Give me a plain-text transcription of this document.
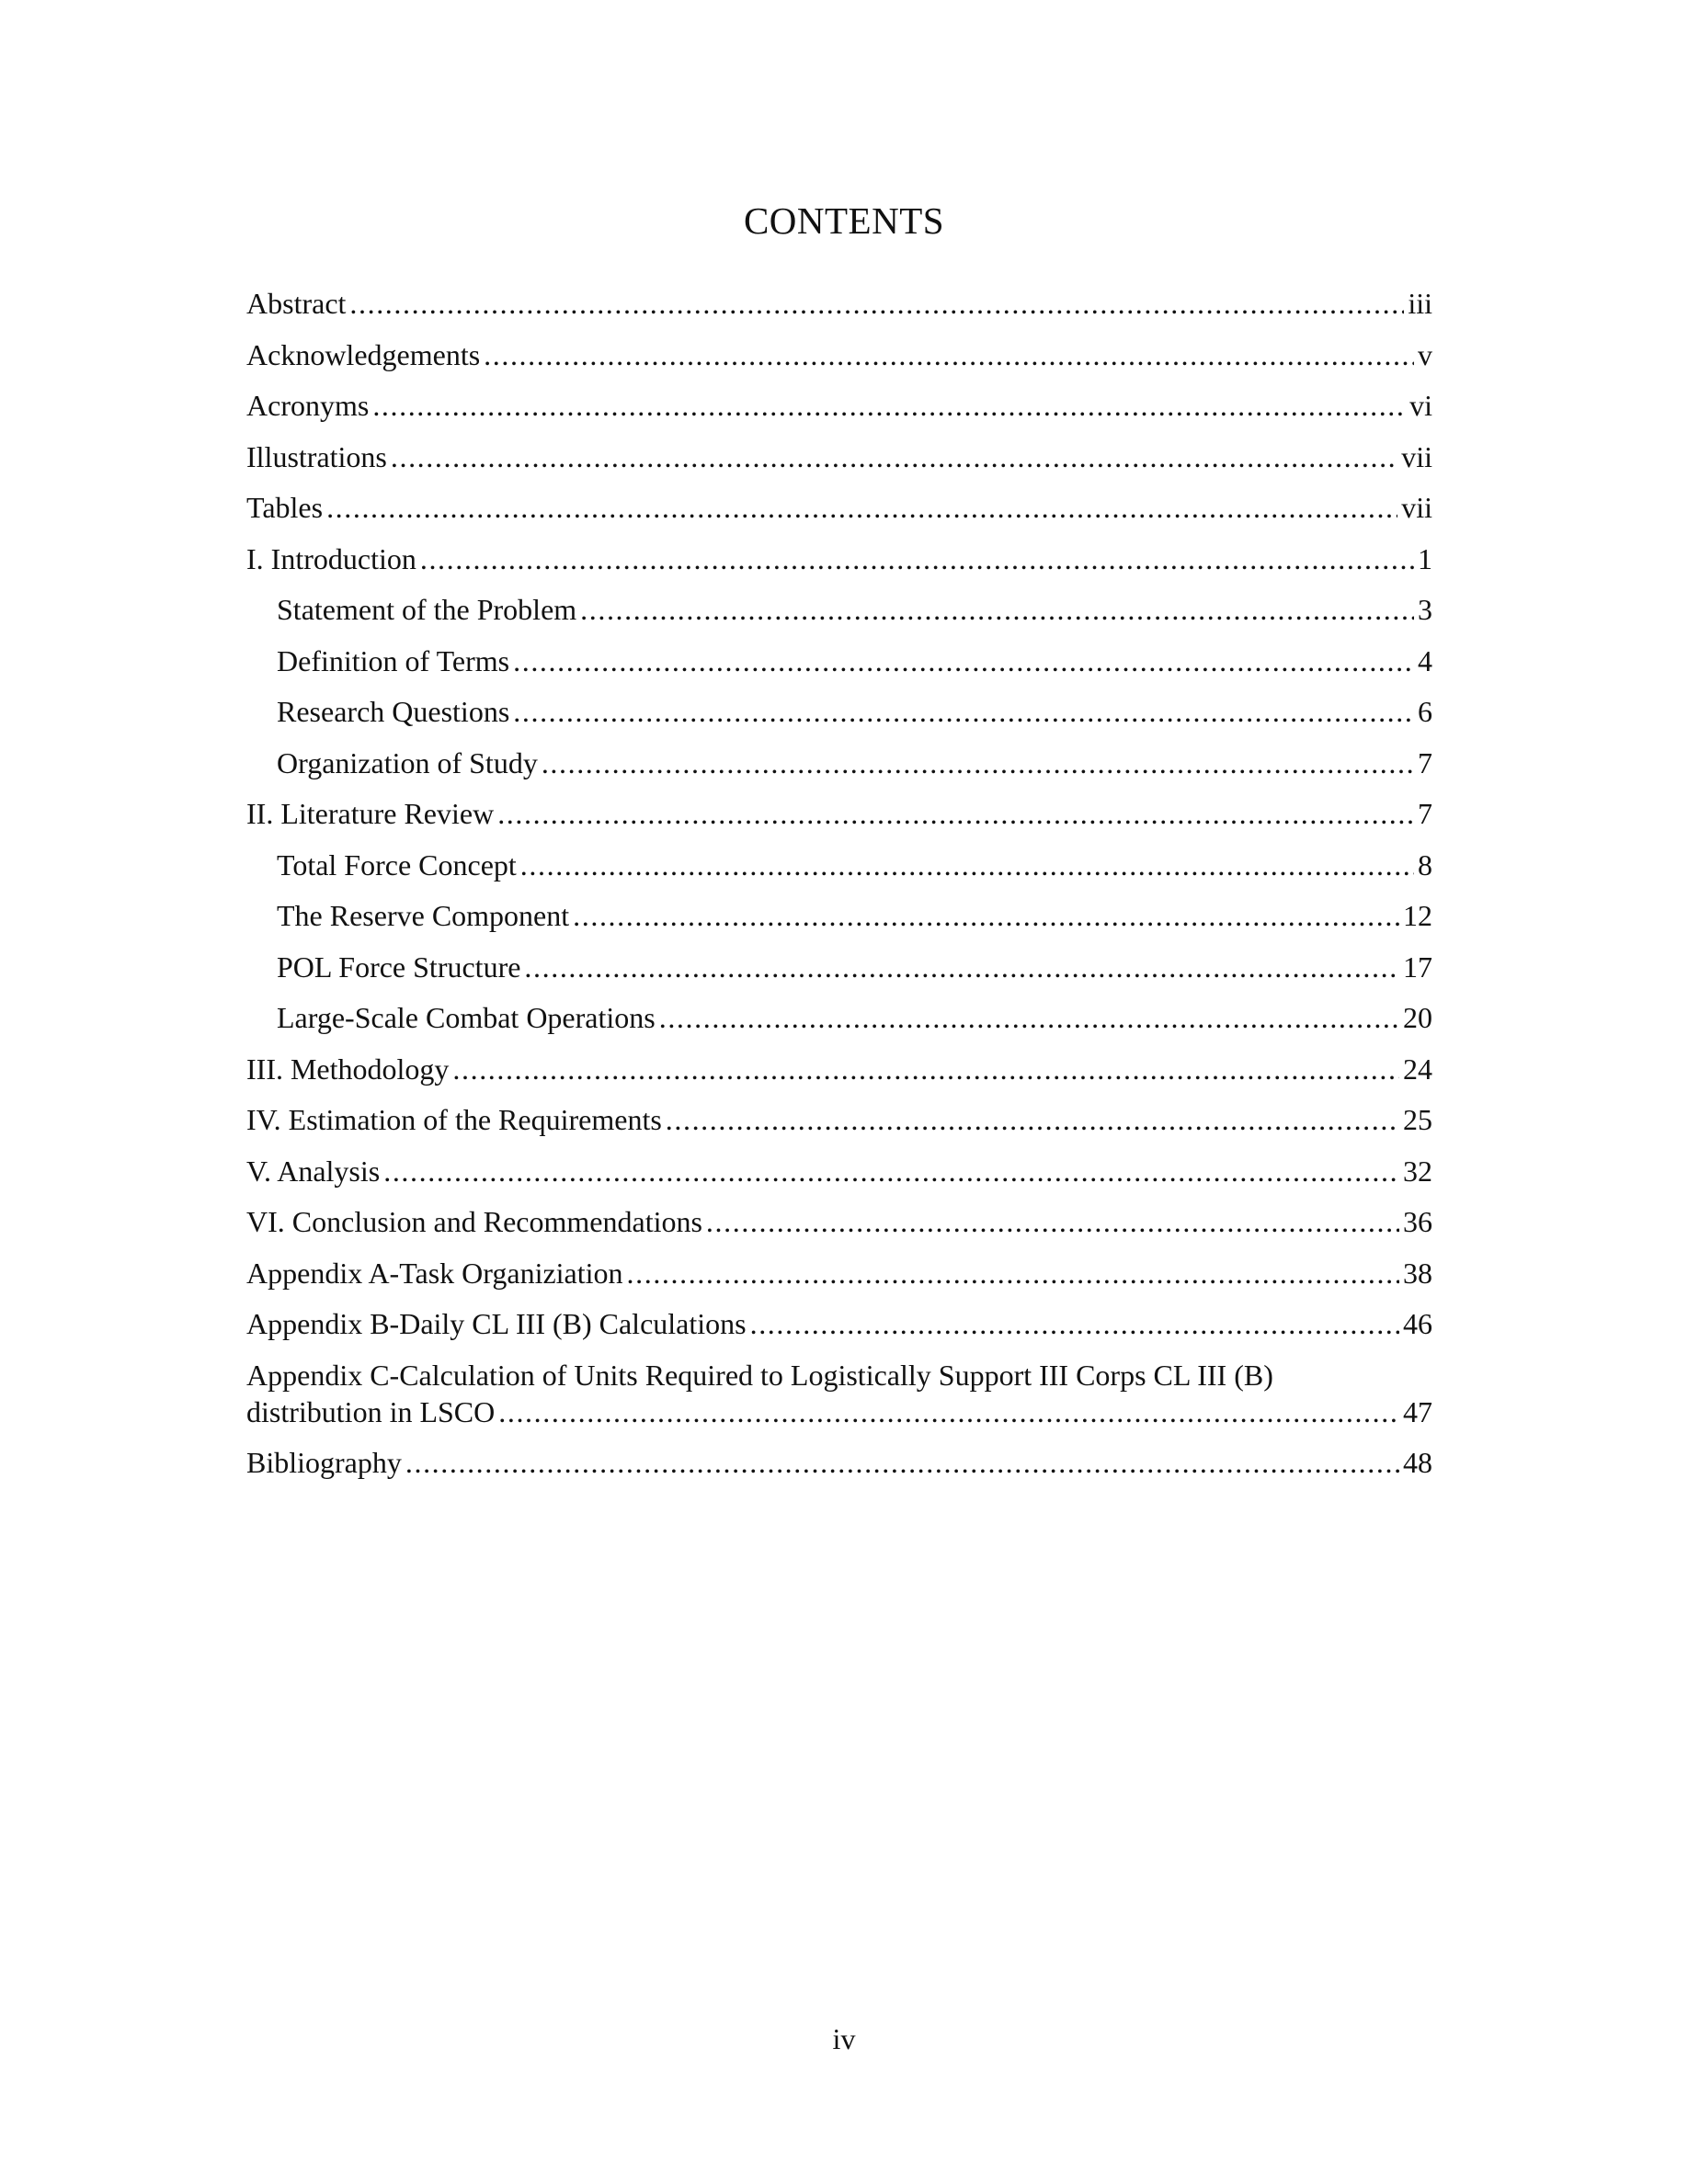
CONTENTS
Abstract .....	iii
Acknowledgements .....	v
Acronyms .....	vi
Illustrations .....	vii
Tables .....	vii
I. Introduction .....	1
Statement of the Problem .....	3
Definition of Terms .....	4
Research Questions .....	6
Organization of Study .....	7
II. Literature Review .....	7
Total Force Concept .....	8
The Reserve Component .....	12
POL Force Structure .....	17
Large-Scale Combat Operations .....	20
III. Methodology .....	24
IV. Estimation of the Requirements .....	25
V. Analysis .....	32
VI. Conclusion and Recommendations .....	36
Appendix A-Task Organiziation .....	38
Appendix B-Daily CL III (B) Calculations .....	46
Appendix C-Calculation of Units Required to Logistically Support III Corps CL III (B)
distribution in LSCO .....	47
Bibliography .....	48
iv
